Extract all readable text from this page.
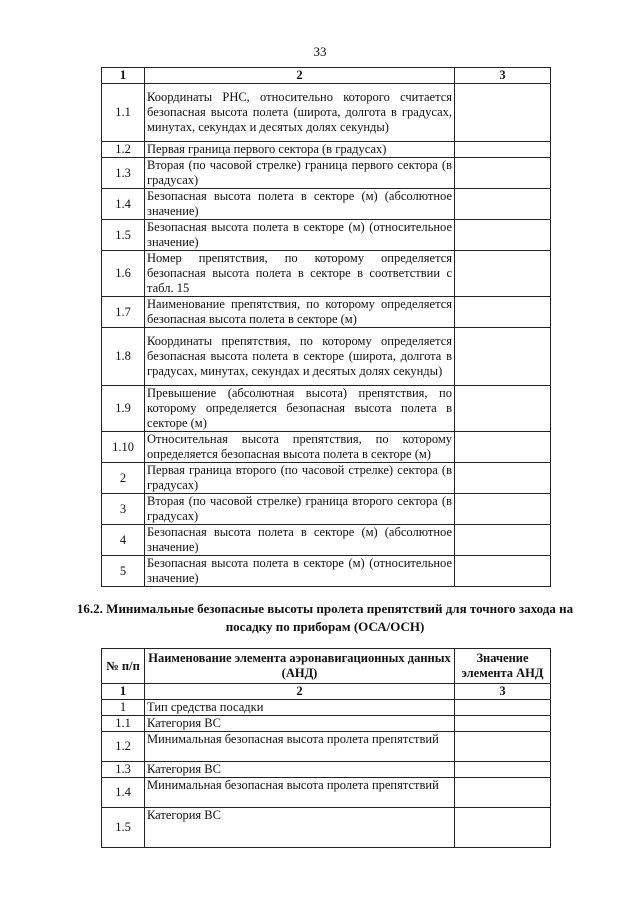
33
1	2	3
1.1	Координаты РНС, относительно которого считается безопасная высота полета (широта, долгота в градусах, минутах, секундах и десятых долях секунды)	
1.2	Первая граница первого сектора (в градусах)	
1.3	Вторая (по часовой стрелке) граница первого сектора (в градусах)	
1.4	Безопасная высота полета в секторе (м) (абсолютное значение)	
1.5	Безопасная высота полета в секторе (м) (относительное значение)	
1.6	Номер препятствия, по которому определяется безопасная высота полета в секторе в соответствии с табл. 15	
1.7	Наименование препятствия, по которому определяется безопасная высота полета в секторе (м)	
1.8	Координаты препятствия, по которому определяется безопасная высота полета в секторе (широта, долгота в градусах, минутах, секундах и десятых долях секунды)	
1.9	Превышение (абсолютная высота) препятствия, по которому определяется безопасная высота полета в секторе (м)	
1.10	Относительная высота препятствия, по которому определяется безопасная высота полета в секторе (м)	
2	Первая граница второго (по часовой стрелке) сектора (в градусах)	
3	Вторая (по часовой стрелке) граница второго сектора (в градусах)	
4	Безопасная высота полета в секторе (м) (абсолютное значение)	
5	Безопасная высота полета в секторе (м) (относительное значение)	
16.2. Минимальные безопасные высоты пролета препятствий для точного захода на посадку по приборам (ОСА/ОСН)
№ п/п	Наименование элемента аэронавигационных данных (АНД)	Значение элемента АНД
1	2	3
1	Тип средства посадки	
1.1	Категория ВС	
1.2	Минимальная безопасная высота пролета препятствий	
1.3	Категория ВС	
1.4	Минимальная безопасная высота пролета препятствий	
1.5	Категория ВС	
